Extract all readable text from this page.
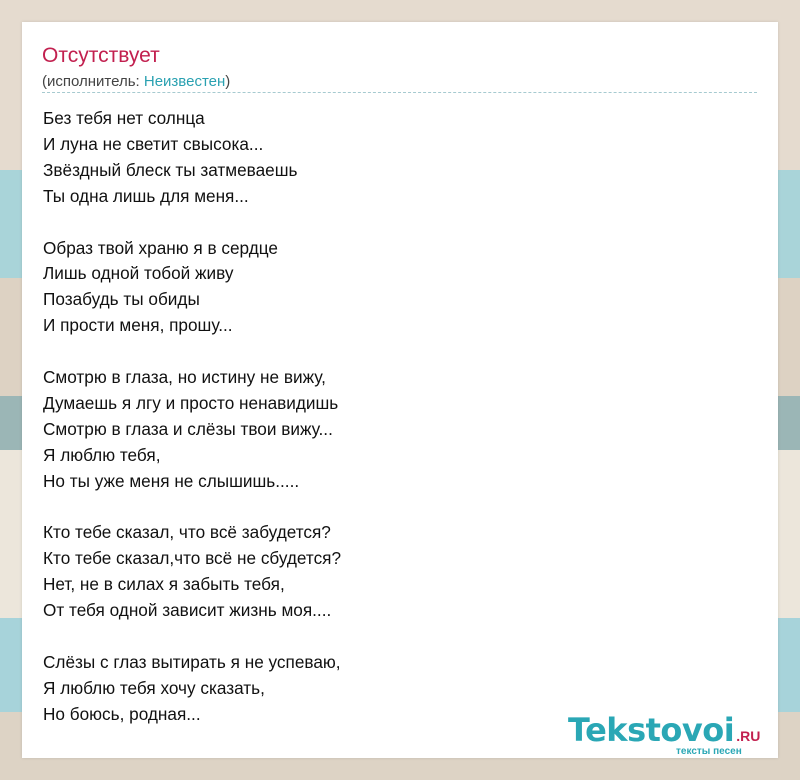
Отсутствует
(исполнитель: Неизвестен)
Без тебя нет солнца
И луна не светит свысока...
Звёздный блеск ты затмеваешь
Ты одна лишь для меня...
Образ твой храню я в сердце
Лишь одной тобой живу
Позабудь ты обиды
И прости меня, прошу...
Смотрю в глаза, но истину не вижу,
Думаешь я лгу и просто ненавидишь
Смотрю в глаза и слёзы твои вижу...
Я люблю тебя,
Но ты уже меня не слышишь.....
Кто тебе сказал, что всё забудется?
Кто тебе сказал,что всё не сбудется?
Нет, не в силах я забыть тебя,
От тебя одной зависит жизнь моя....
Слёзы с глаз вытирать я не успеваю,
Я люблю тебя хочу сказать,
Но боюсь, родная...	Tekstovoi .RU
тексты песен
